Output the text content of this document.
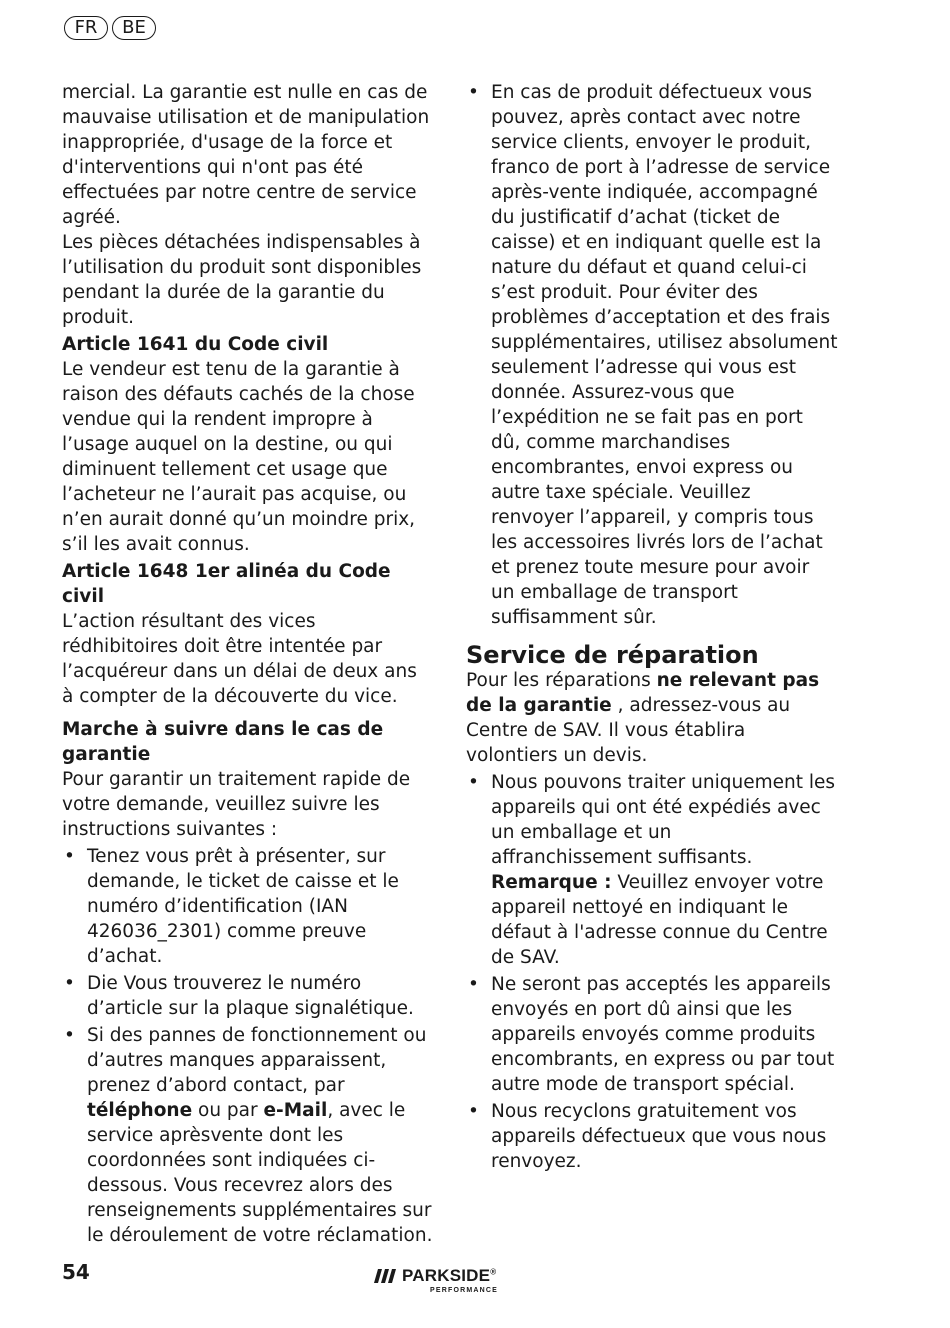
FR	BE

mercial. La garantie est nulle en cas de mauvaise utilisation et de manipulation inappropriée, d'usage de la force et d'interventions qui n'ont pas été effectuées par notre centre de service agréé.

Les pièces détachées indispensables à l’utilisation du produit sont disponibles pendant la durée de la garantie du produit.

Article 1641 du Code civil

Le vendeur est tenu de la garantie à raison des défauts cachés de la chose vendue qui la rendent impropre à l’usage auquel on la destine, ou qui diminuent tellement cet usage que l’acheteur ne l’aurait pas acquise, ou n’en aurait donné qu’un moindre prix, s’il les avait connus.

Article 1648 1er alinéa du Code civil

L’action résultant des vices rédhibitoires doit être intentée par l’acquéreur dans un délai de deux ans à compter de la découverte du vice.

Marche à suivre dans le cas de garantie

Pour garantir un traitement rapide de votre demande, veuillez suivre les instructions suivantes :

• Tenez vous prêt à présenter, sur demande, le ticket de caisse et le numéro d’identification (IAN 426036_2301) comme preuve d’achat.
• Die Vous trouverez le numéro d’article sur la plaque signalétique.
• Si des pannes de fonctionnement ou d’autres manques apparaissent, prenez d’abord contact, par téléphone ou par e-Mail, avec le service aprèsvente dont les coordonnées sont indiquées ci-dessous. Vous recevrez alors des renseignements supplémentaires sur le déroulement de votre réclamation.
• En cas de produit défectueux vous pouvez, après contact avec notre service clients, envoyer le produit, franco de port à l’adresse de service après-vente indiquée, accompagné du justificatif d’achat (ticket de caisse) et en indiquant quelle est la nature du défaut et quand celui-ci s’est produit. Pour éviter des problèmes d’acceptation et des frais supplémentaires, utilisez absolument seulement l’adresse qui vous est donnée. Assurez-vous que l’expédition ne se fait pas en port dû, comme marchandises encombrantes, envoi express ou autre taxe spéciale. Veuillez renvoyer l’appareil, y compris tous les accessoires livrés lors de l’achat et prenez toute mesure pour avoir un emballage de transport suffisamment sûr.

Service de réparation

Pour les réparations ne relevant pas de la garantie , adressez-vous au Centre de SAV. Il vous établira volontiers un devis.

• Nous pouvons traiter uniquement les appareils qui ont été expédiés avec un emballage et un affranchissement suffisants.
Remarque : Veuillez envoyer votre appareil nettoyé en indiquant le défaut à l'adresse connue du Centre de SAV.
• Ne seront pas acceptés les appareils envoyés en port dû ainsi que les appareils envoyés comme produits encombrants, en express ou par tout autre mode de transport spécial.
• Nous recyclons gratuitement vos appareils défectueux que vous nous renvoyez.
54	PARKSIDE®
PERFORMANCE
